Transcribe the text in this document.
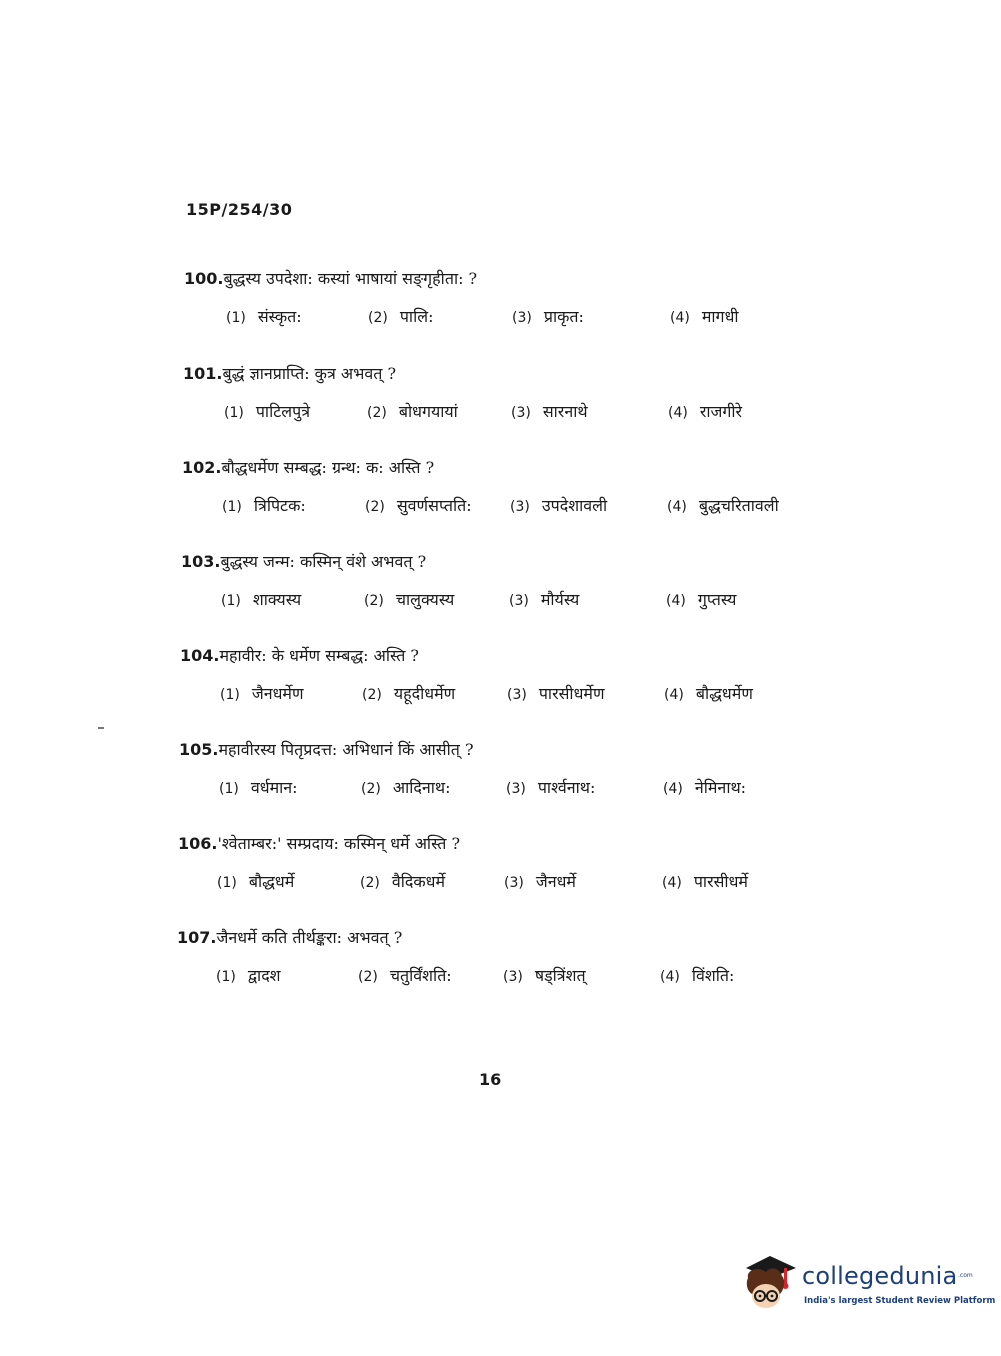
15P/254/30
100.बुद्धस्य उपदेशा: कस्यां भाषायां सङ्गृहीता: ?
(1) संस्कृत:	(2) पालि:	(3) प्राकृत:	(4) मागधी
101.बुद्धं ज्ञानप्राप्ति: कुत्र अभवत् ?
(1) पाटिलपुत्रे	(2) बोधगयायां	(3) सारनाथे	(4) राजगीरे
102.बौद्धधर्मेण सम्बद्ध: ग्रन्थ: क: अस्ति ?
(1) त्रिपिटक:	(2) सुवर्णसप्तति:	(3) उपदेशावली	(4) बुद्धचरितावली
103.बुद्धस्य जन्म: कस्मिन् वंशे अभवत् ?
(1) शाक्यस्य	(2) चालुक्यस्य	(3) मौर्यस्य	(4) गुप्तस्य
104.महावीर: के धर्मेण सम्बद्ध: अस्ति ?
(1) जैनधर्मेण	(2) यहूदीधर्मेण	(3) पारसीधर्मेण	(4) बौद्धधर्मेण
105.महावीरस्य पितृप्रदत्त: अभिधानं किं आसीत् ?
(1) वर्धमान:	(2) आदिनाथ:	(3) पार्श्वनाथ:	(4) नेमिनाथ:
106.'श्वेताम्बर:' सम्प्रदाय: कस्मिन् धर्मे अस्ति ?
(1) बौद्धधर्मे	(2) वैदिकधर्मे	(3) जैनधर्मे	(4) पारसीधर्मे
107.जैनधर्मे कति तीर्थङ्करा: अभवत् ?
(1) द्वादश	(2) चतुर्विंशति:	(3) षड्त्रिंशत्	(4) विंशति:
16
collegedunia .com
India's largest Student Review Platform
